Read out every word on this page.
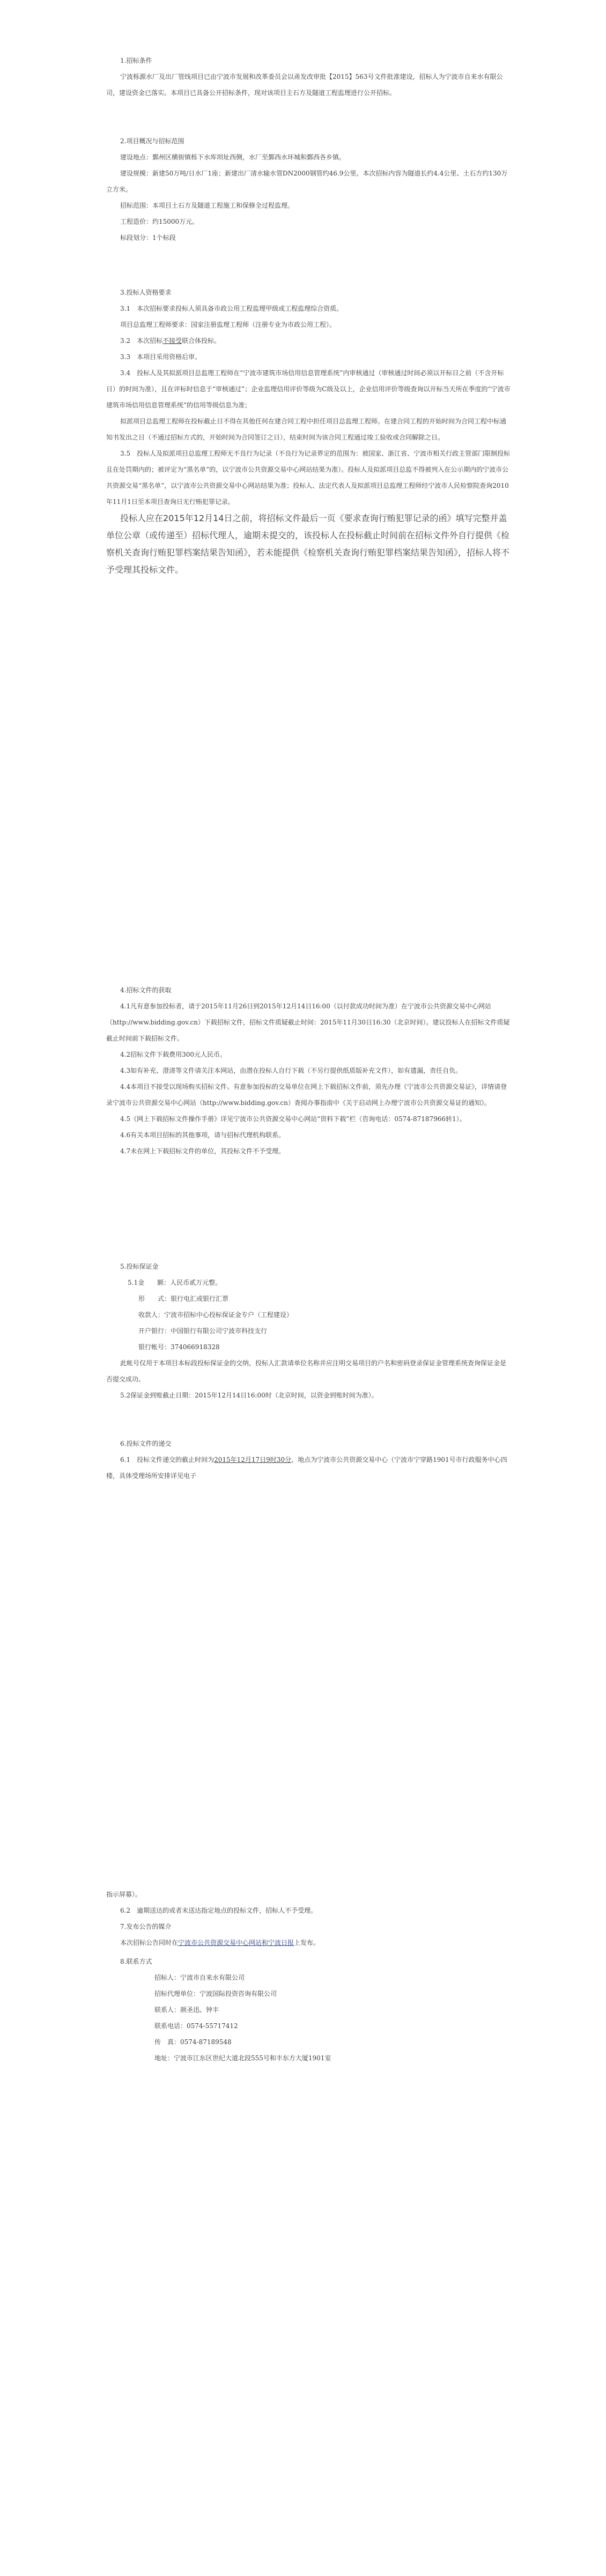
1.招标条件

宁波栎源水厂及出厂管线项目已由宁波市发展和改革委员会以甬发改审批【2015】563号文件批准建设，招标人为宁波市自来水有限公司，建设资金已落实。本项目已具备公开招标条件，现对该项目主石方及隧道工程监理进行公开招标。

2.项目概况与招标范围

建设地点：鄞州区横街镇栎下水库坝址西侧，水厂至鄞西水环城和鄞西各乡镇。

建设规模：新建50万吨/日水厂1座；新建出厂清水输水管DN2000钢管约46.9公里。本次招标内容为隧道长约4.4公里、土石方约130万立方米。

招标范围：本项目土石方及隧道工程施工和保修全过程监理。

工程造价：约15000万元。

标段划分：1个标段

3.投标人资格要求

3.1　本次招标要求投标人须具备市政公用工程监理甲级或工程监理综合资质。

项目总监理工程师要求：国家注册监理工程师（注册专业为市政公用工程）。

3.2　本次招标不接受联合体投标。

3.3　本项目采用资格后审。

3.4　投标人及其拟派项目总监理工程师在“宁波市建筑市场信用信息管理系统”内审核通过（审核通过时间必须以开标日之前（不含开标日）的时间为准），且在评标时信息于“审核通过”；企业监理信用评价等级为C级及以上，企业信用评价等级查询以开标当天所在季度的“宁波市建筑市场信用信息管理系统”的信用等级信息为准；

拟派项目总监理工程师在投标截止日不得在其他任何在建合同工程中担任项目总监理工程师。在建合同工程的开始时间为合同工程中标通知书发出之日（不通过招标方式的，开始时间为合同签订之日），结束时间为该合同工程通过竣工验收或合同解除之日。

3.5　投标人及拟派项目总监理工程师无不良行为记录（不良行为记录界定的范围为：被国家、浙江省、宁波市相关行政主管部门限制投标且在处罚期内的；被评定为“黑名单”的，以宁波市公共资源交易中心网站结果为准）。投标人及拟派项目总监不得被列入在公示期内的宁波市公共资源交易“黑名单”，以宁波市公共资源交易中心网站结果为准；投标人、法定代表人及拟派项目总监理工程师经宁波市人民检察院查询2010年11月1日至本项目查询日无行贿犯罪记录。

投标人应在2015年12月14日之前，将招标文件最后一页《要求查询行贿犯罪记录的函》填写完整并盖单位公章（或传递至）招标代理人，逾期未提交的，该投标人在投标截止时间前在招标文件外自行提供《检察机关查询行贿犯罪档案结果告知函》，若未能提供《检察机关查询行贿犯罪档案结果告知函》，招标人将不予受理其投标文件。

4.招标文件的获取

4.1凡有意参加投标者，请于2015年11月26日到2015年12月14日16:00（以付款成功时间为准）在宁波市公共资源交易中心网站（http://www.bidding.gov.cn）下载招标文件，招标文件质疑截止时间：2015年11月30日16:30（北京时间）。建议投标人在招标文件质疑截止时间前下载招标文件。

4.2招标文件下载费用300元人民币。

4.3如有补充、澄清等文件请关注本网站，由潜在投标人自行下载（不另行提供纸质版补充文件），如有遗漏，责任自负。

4.4本项目不接受以现场购买招标文件。有意参加投标的交易单位在网上下载招标文件前，须先办理《宁波市公共资源交易证》，详情请登录宁波市公共资源交易中心网站（http://www.bidding.gov.cn）查阅办事指南中《关于启动网上办理宁波市公共资源交易证的通知》。

4.5《网上下载招标文件操作手册》详见宁波市公共资源交易中心网站“资料下载”栏（咨询电话：0574-87187966转1）。

4.6有关本项目招标的其他事项，请与招标代理机构联系。

4.7未在网上下载招标文件的单位，其投标文件不予受理。

5.投标保证金

5.1金　　额：人民币贰万元整。

形　　式：银行电汇或银行汇票

收款人：宁波市招标中心投标保证金专户（工程建设）

开户银行：中国银行有限公司宁波市科技支行

银行帐号：374066918328

此帐号仅用于本项目本标段投标保证金的交纳，投标人汇款请单位名称并应注明交易项目的户名和密码登录保证金管理系统查询保证金是否提交成功。

5.2保证金到账截止日期：2015年12月14日16:00时（北京时间，以资金到账时间为准）。

6.投标文件的递交

6.1　投标文件递交的截止时间为2015年12月17日9时30分，地点为宁波市公共资源交易中心（宁波市宁穿路1901号市行政服务中心四楼，具体受理场所安排详见电子

指示屏幕）。

6.2　逾期送达的或者未送达指定地点的投标文件，招标人不予受理。

7.发布公告的媒介

本次招标公告同时在宁波市公共资源交易中心网站和宁波日报上发布。

8.联系方式

招标人：宁波市自来水有限公司

招标代理单位：宁波国际投资咨询有限公司

联系人：颜圣迅、钟丰

联系电话：0574-55717412

传　真：0574-87189548

地址：宁波市江东区世纪大道北段555号和丰东方大厦1901室
